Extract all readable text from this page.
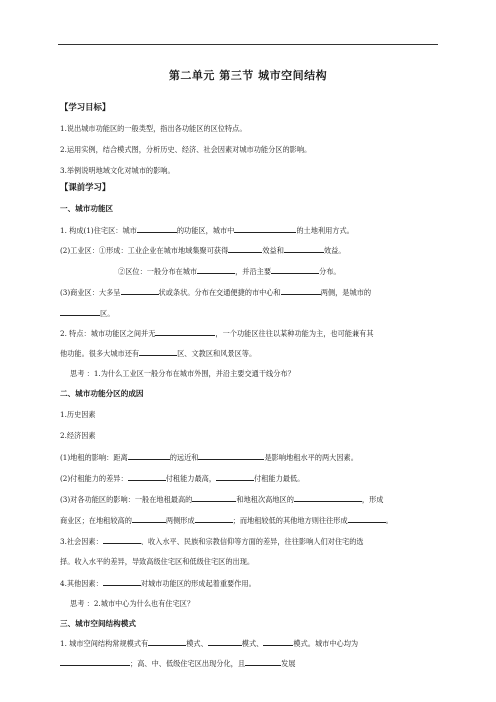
第二单元 第三节 城市空间结构
【学习目标】
1.说出城市功能区的一般类型，指出各功能区的区位特点。
2.运用实例，结合模式图，分析历史、经济、社会因素对城市功能分区的影响。
3.举例说明地域文化对城市的影响。
【课前学习】
一、城市功能区
1. 构成(1)住宅区：城市	的功能区，城市中	的土地利用方式。
(2)工业区：①形成：工业企业在城市地域集聚可获得	效益和	效益。
②区位：一般分布在城市	，并沿主要	分布。
(3)商业区：大多呈	状或条状。分布在交通便捷的市中心和	两侧，是城市的
区。
2. 特点：城市功能区之间并无	，一个功能区往往以某种功能为主，也可能兼有其
他功能。很多大城市还有	区、文教区和风景区等。
思考 ：1.为什么工业区一般分布在城市外围，并沿主要交通干线分布？
二、城市功能分区的成因
1.历史因素
2.经济因素
(1)地租的影响：距离	的远近和	是影响地租水平的两大因素。
(2)付租能力的差异：	付租能力最高，	付租能力最低。
(3)对各功能区的影响：一般在地租最高的	和地租次高地区的	，形成
商业区；在地租较高的	两侧形成	；而地租较低的其他地方则往往形成	。
3.社会因素：	、收入水平、民族和宗教信仰等方面的差异，往往影响人们对住宅的选
择。收入水平的差异，导致高级住宅区和低级住宅区的出现。
4.其他因素：	对城市功能区的形成起着重要作用。
思考 ：2.城市中心为什么也有住宅区？
三、城市空间结构模式
1. 城市空间结构常规模式有	模式、	模式、	模式。城市中心均为
；高、中、低级住宅区出现分化，且	发展
